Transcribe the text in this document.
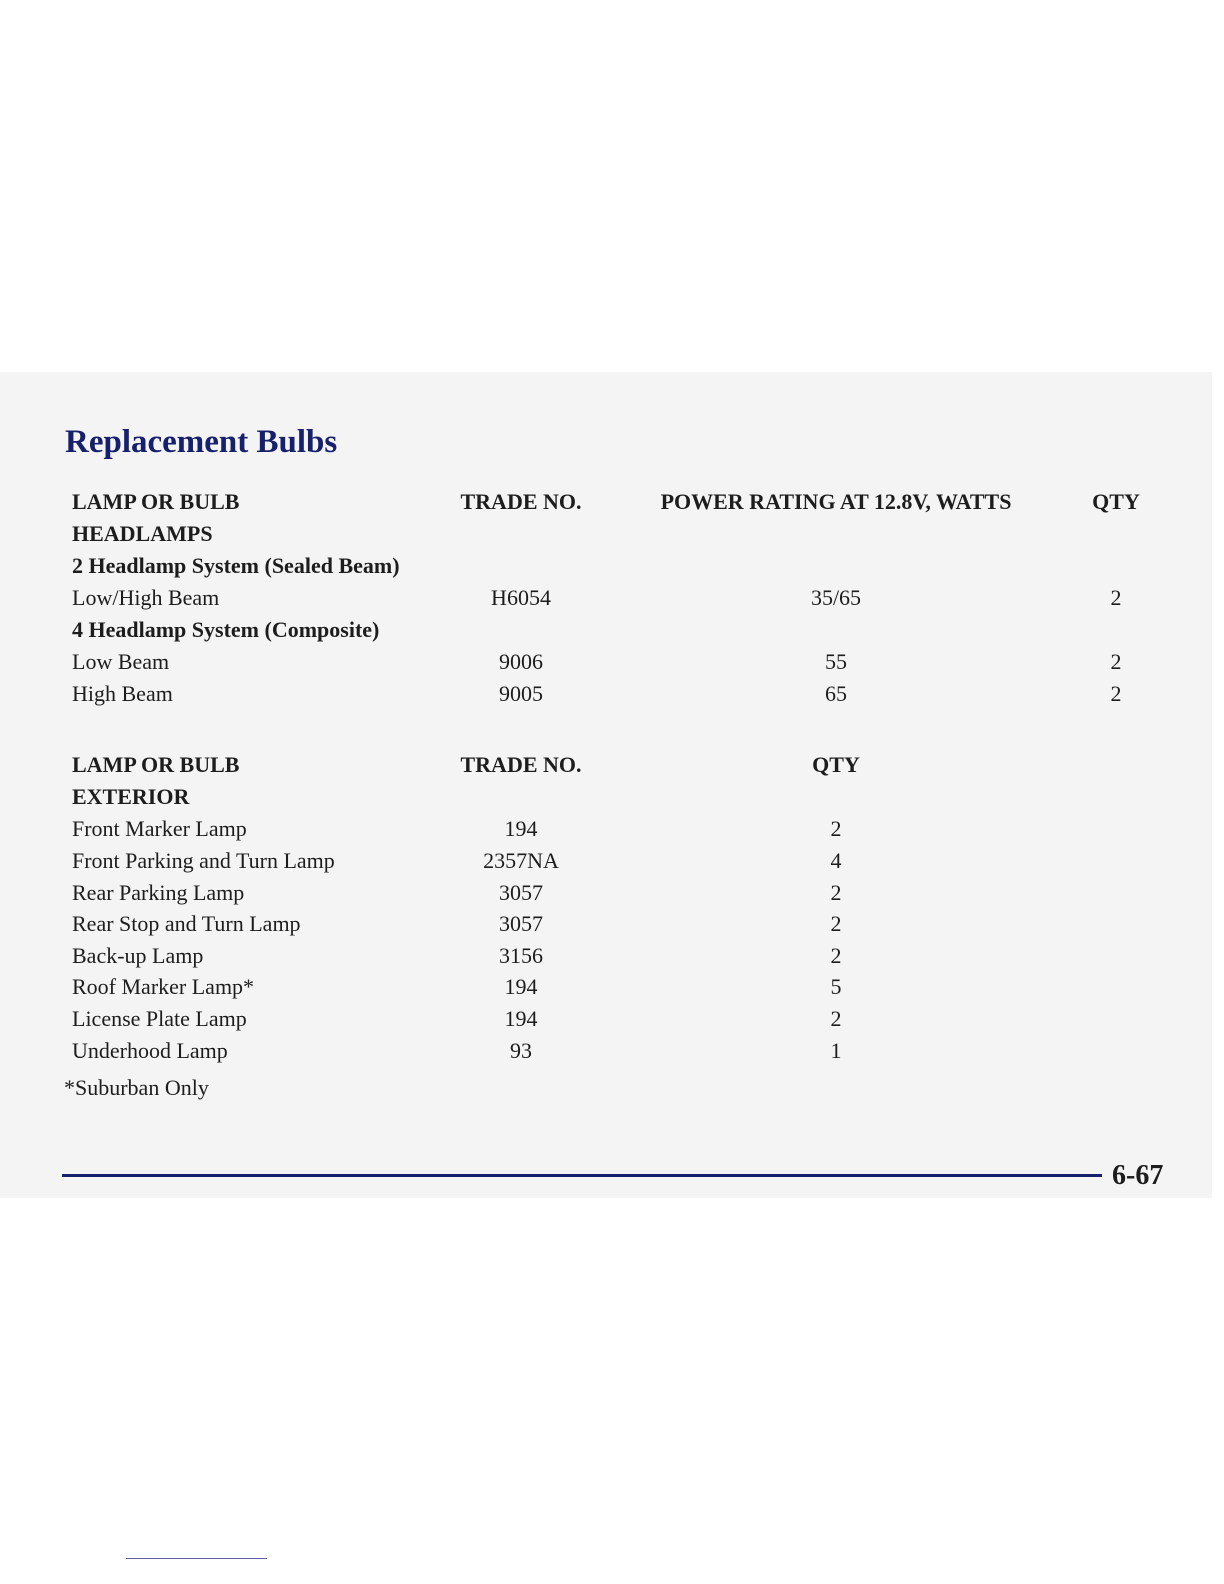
Replacement Bulbs
LAMP OR BULB	TRADE NO.	POWER RATING AT 12.8V, WATTS	QTY
HEADLAMPS
2 Headlamp System (Sealed Beam)
Low/High Beam	H6054	35/65	2
4 Headlamp System (Composite)
Low Beam	9006	55	2
High Beam	9005	65	2
LAMP OR BULB	TRADE NO.	QTY
EXTERIOR
Front Marker Lamp	194	2
Front Parking and Turn Lamp	2357NA	4
Rear Parking Lamp	3057	2
Rear Stop and Turn Lamp	3057	2
Back-up Lamp	3156	2
Roof Marker Lamp*	194	5
License Plate Lamp	194	2
Underhood Lamp	93	1
*Suburban Only
6-67
